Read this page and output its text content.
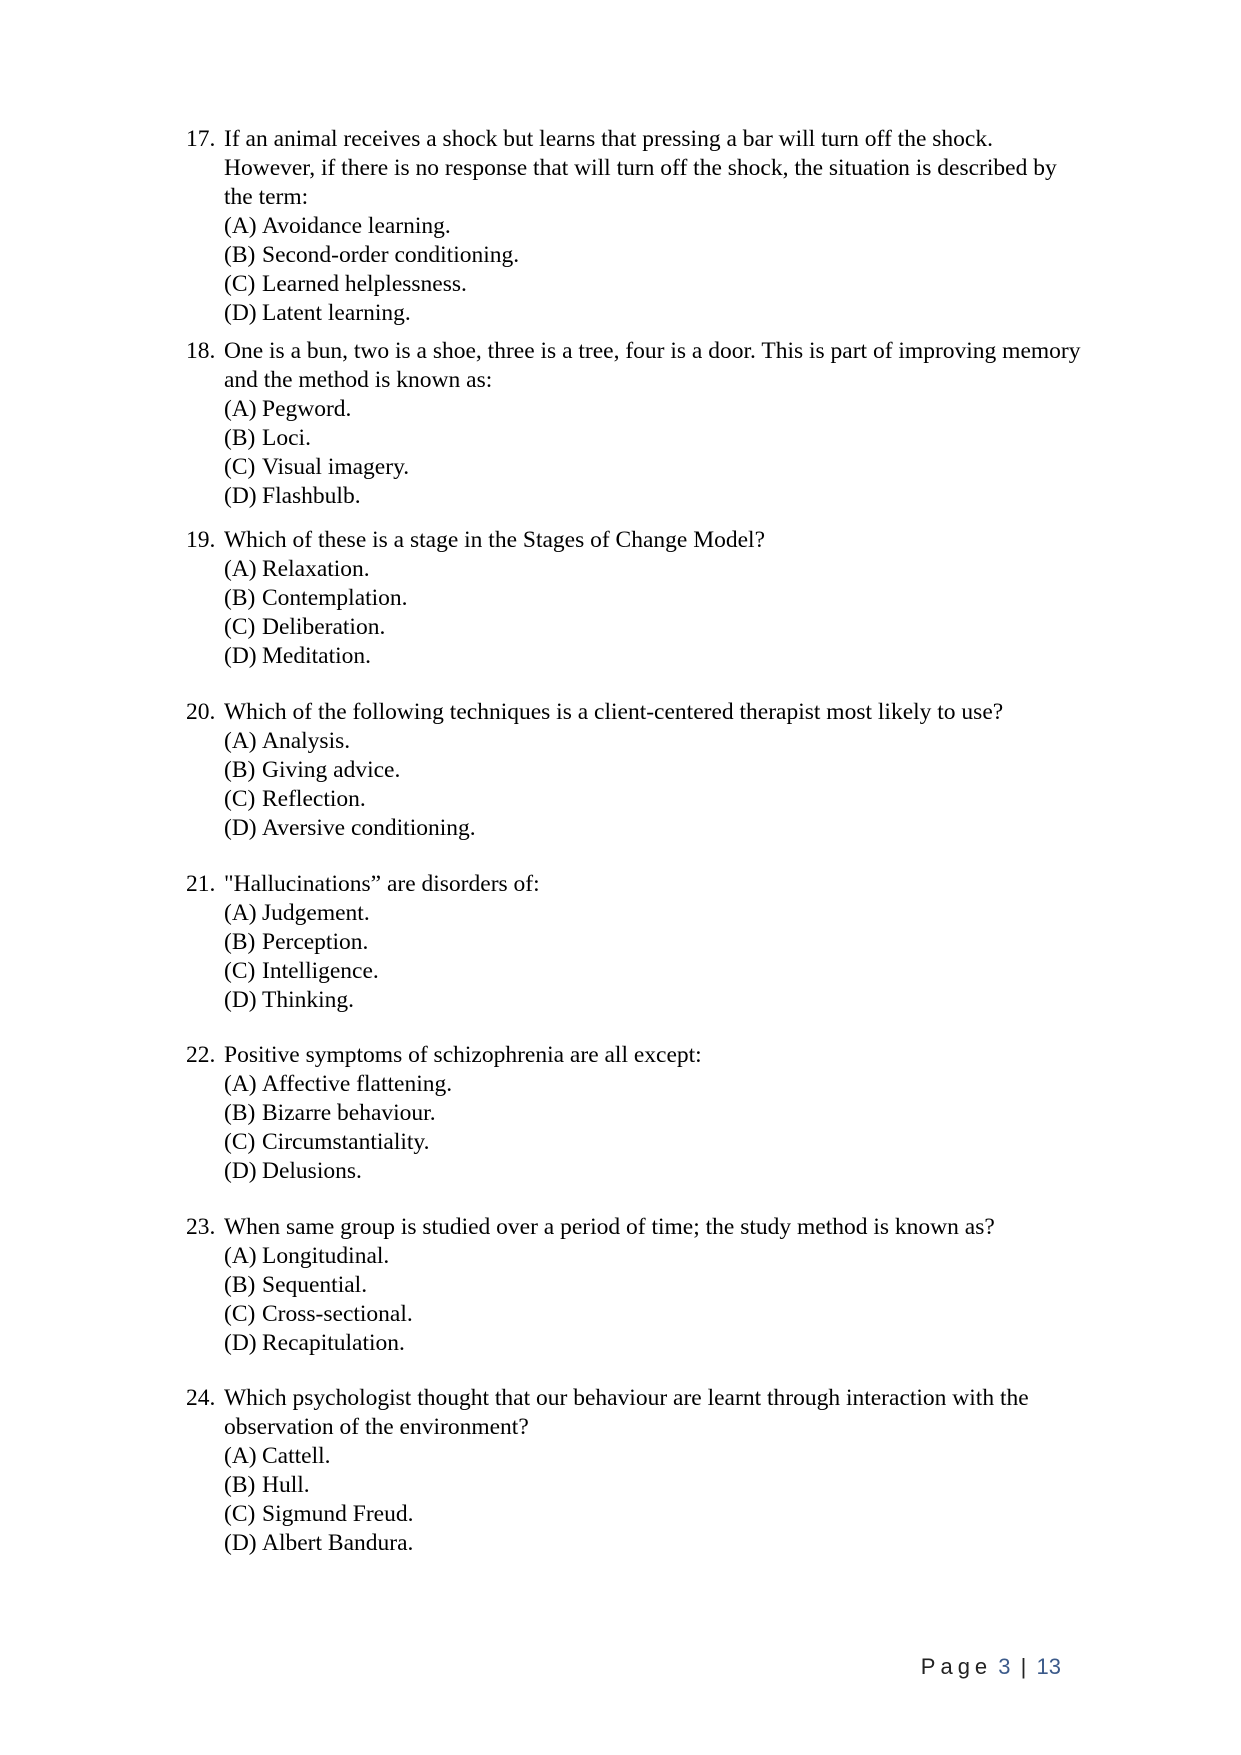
17. If an animal receives a shock but learns that pressing a bar will turn off the shock. However, if there is no response that will turn off the shock, the situation is described by the term:
(A) Avoidance learning.
(B) Second-order conditioning.
(C) Learned helplessness.
(D) Latent learning.
18. One is a bun, two is a shoe, three is a tree, four is a door. This is part of improving memory and the method is known as:
(A) Pegword.
(B) Loci.
(C) Visual imagery.
(D) Flashbulb.
19. Which of these is a stage in the Stages of Change Model?
(A) Relaxation.
(B) Contemplation.
(C) Deliberation.
(D) Meditation.
20. Which of the following techniques is a client-centered therapist most likely to use?
(A) Analysis.
(B) Giving advice.
(C) Reflection.
(D) Aversive conditioning.
21. "Hallucinations” are disorders of:
(A) Judgement.
(B) Perception.
(C) Intelligence.
(D) Thinking.
22. Positive symptoms of schizophrenia are all except:
(A) Affective flattening.
(B) Bizarre behaviour.
(C) Circumstantiality.
(D) Delusions.
23. When same group is studied over a period of time; the study method is known as?
(A) Longitudinal.
(B) Sequential.
(C) Cross-sectional.
(D) Recapitulation.
24. Which psychologist thought that our behaviour are learnt through interaction with the observation of the environment?
(A) Cattell.
(B) Hull.
(C) Sigmund Freud.
(D) Albert Bandura.
Page 3 | 13
